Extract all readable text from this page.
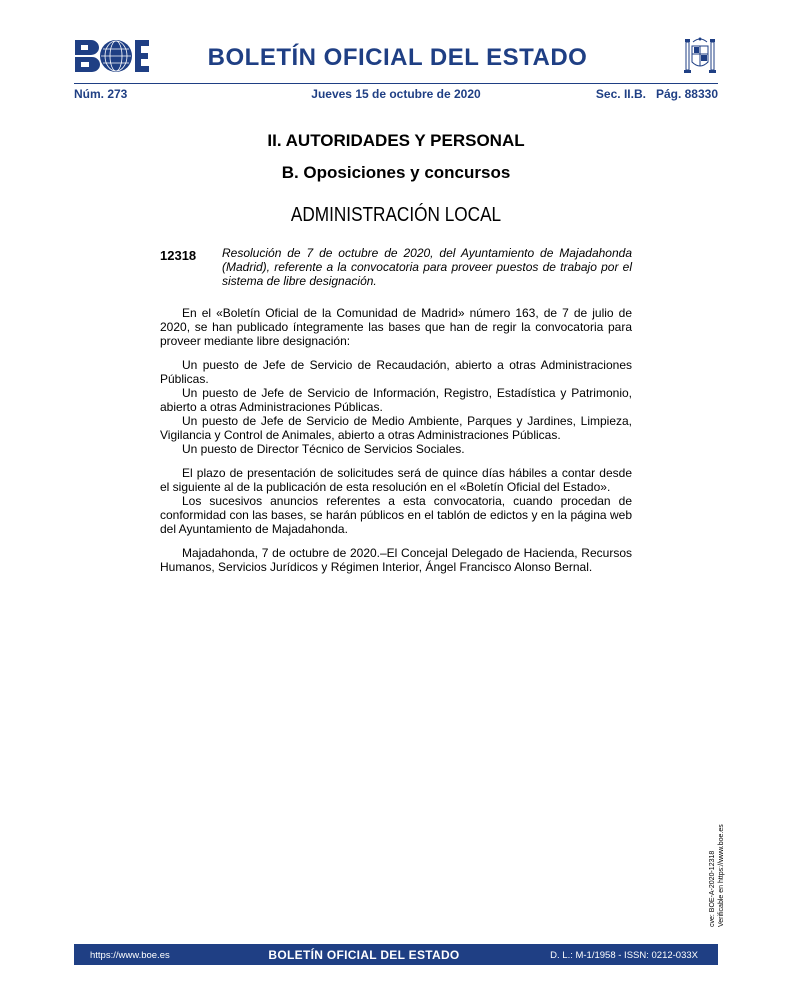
BOLETÍN OFICIAL DEL ESTADO
Jueves 15 de octubre de 2020
Núm. 273	Sec. II.B.   Pág. 88330
II. AUTORIDADES Y PERSONAL
B. Oposiciones y concursos
ADMINISTRACIÓN LOCAL
12318 Resolución de 7 de octubre de 2020, del Ayuntamiento de Majadahonda (Madrid), referente a la convocatoria para proveer puestos de trabajo por el sistema de libre designación.

En el «Boletín Oficial de la Comunidad de Madrid» número 163, de 7 de julio de 2020, se han publicado íntegramente las bases que han de regir la convocatoria para proveer mediante libre designación:

Un puesto de Jefe de Servicio de Recaudación, abierto a otras Administraciones Públicas.

Un puesto de Jefe de Servicio de Información, Registro, Estadística y Patrimonio, abierto a otras Administraciones Públicas.

Un puesto de Jefe de Servicio de Medio Ambiente, Parques y Jardines, Limpieza, Vigilancia y Control de Animales, abierto a otras Administraciones Públicas.

Un puesto de Director Técnico de Servicios Sociales.

El plazo de presentación de solicitudes será de quince días hábiles a contar desde el siguiente al de la publicación de esta resolución en el «Boletín Oficial del Estado».

Los sucesivos anuncios referentes a esta convocatoria, cuando procedan de conformidad con las bases, se harán públicos en el tablón de edictos y en la página web del Ayuntamiento de Majadahonda.

Majadahonda, 7 de octubre de 2020.–El Concejal Delegado de Hacienda, Recursos Humanos, Servicios Jurídicos y Régimen Interior, Ángel Francisco Alonso Bernal.

cve: BOE-A-2020-12318 Verificable en https://www.boe.es
https://www.boe.es	BOLETÍN OFICIAL DEL ESTADO	D. L.: M-1/1958 - ISSN: 0212-033X
